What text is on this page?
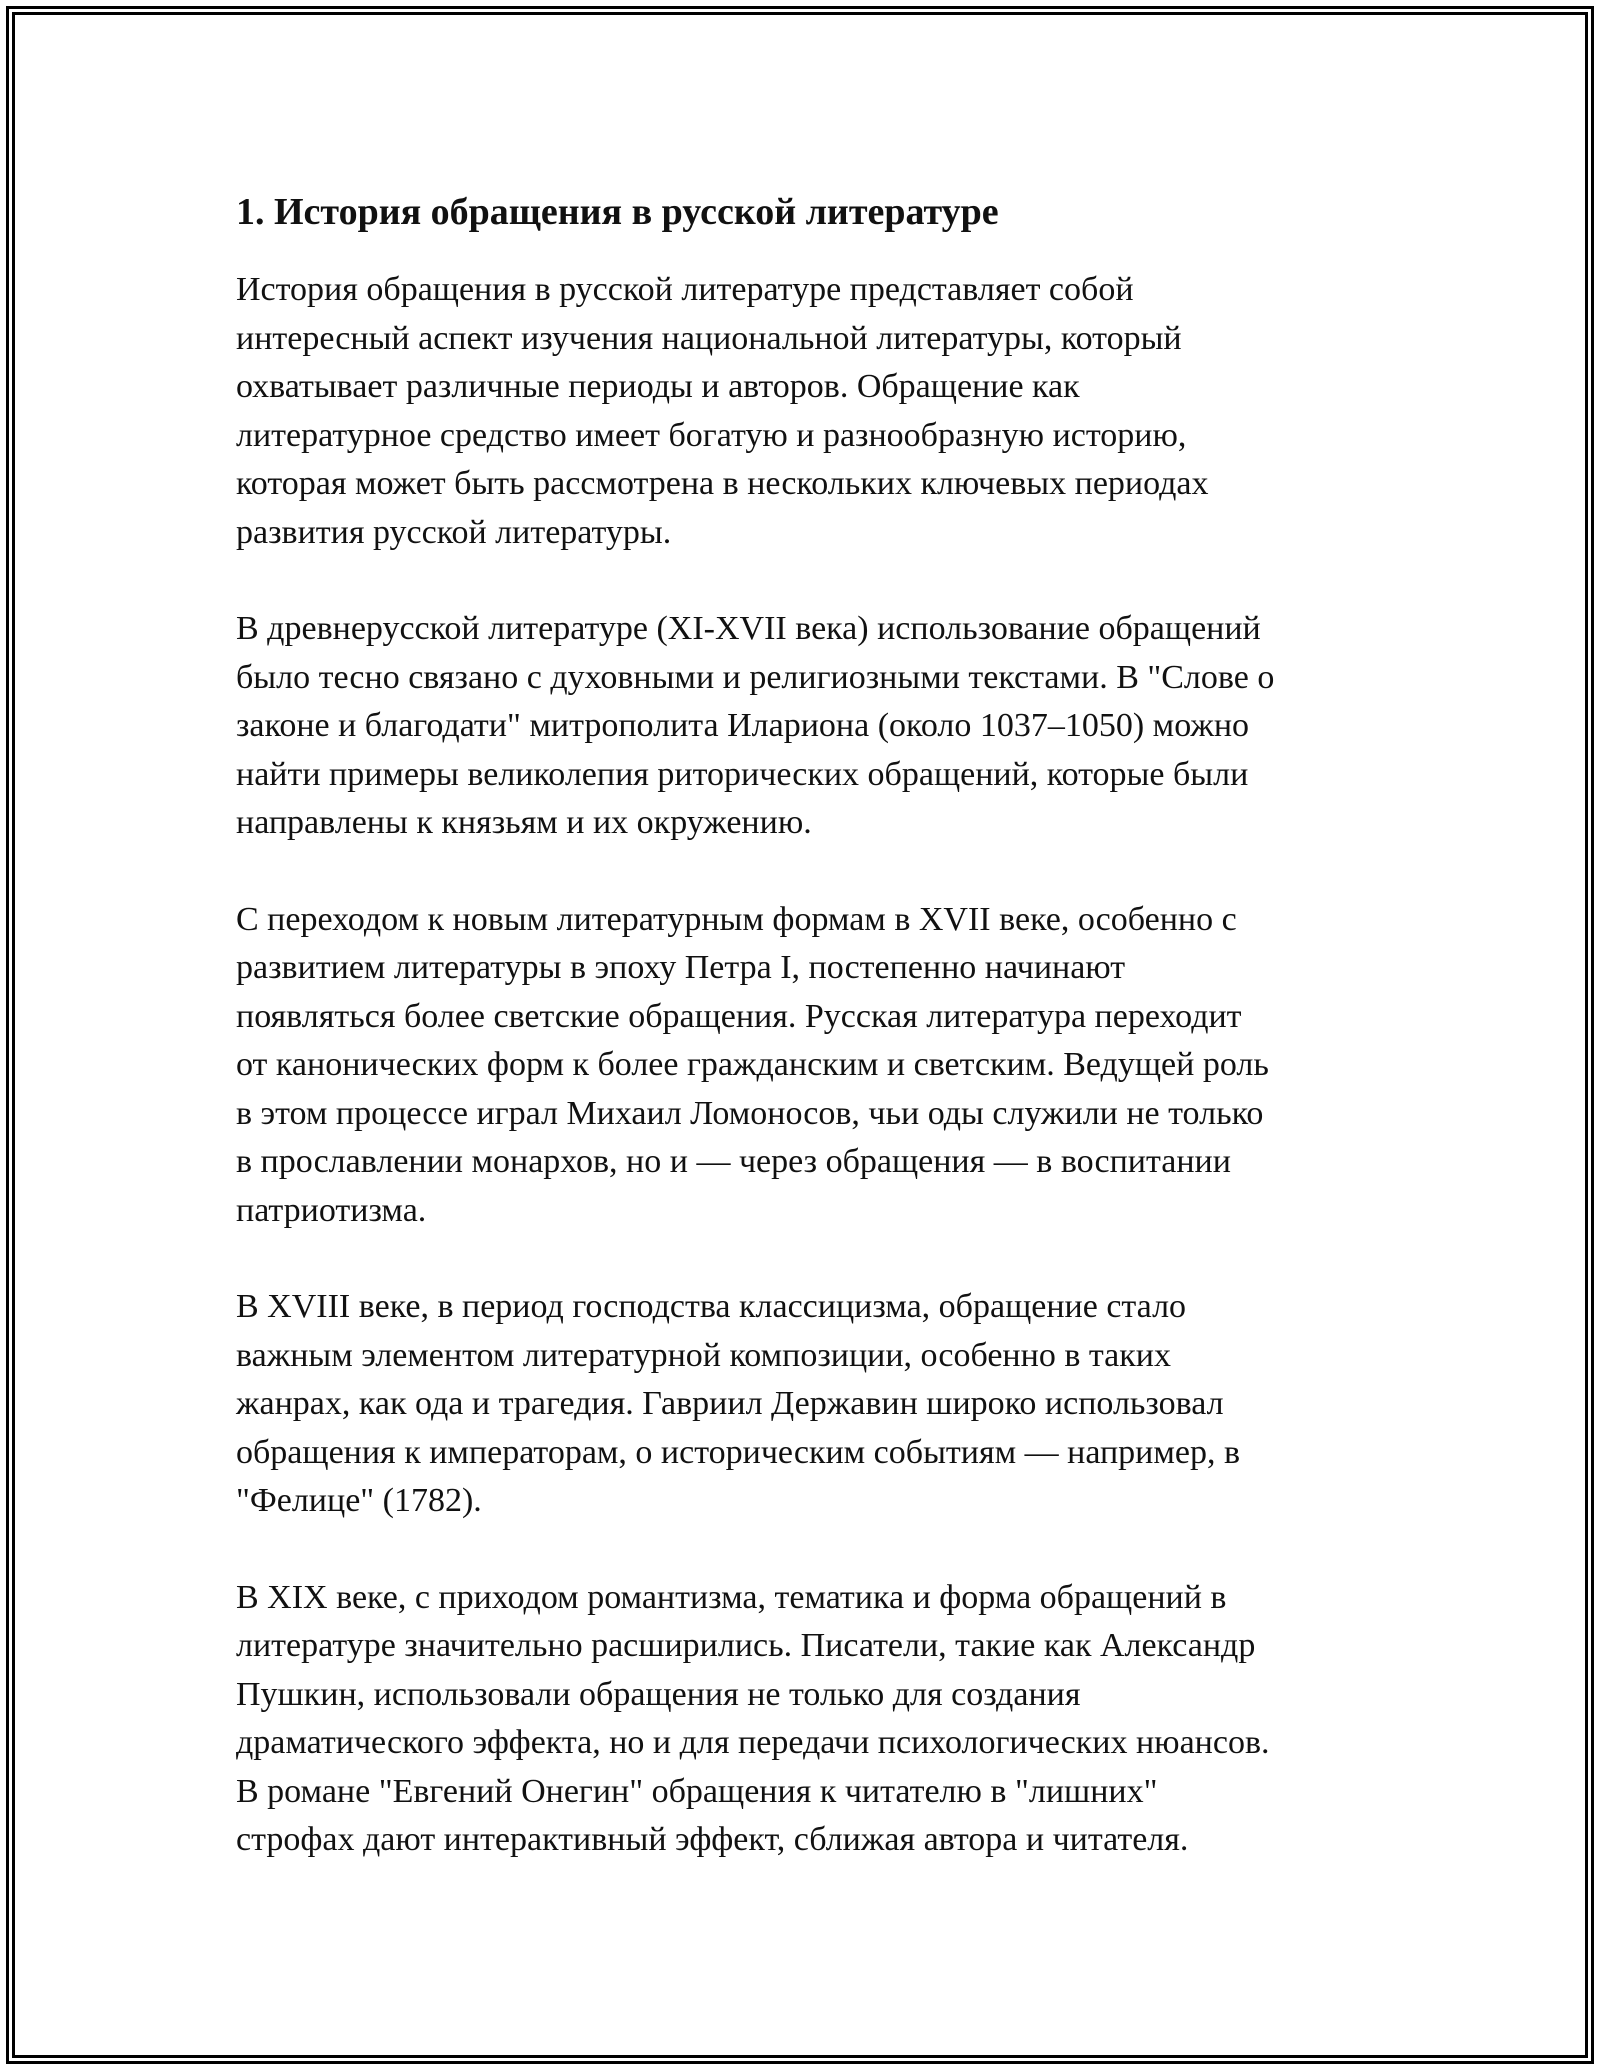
1. История обращения в русской литературе

История обращения в русской литературе представляет собой
интересный аспект изучения национальной литературы, который
охватывает различные периоды и авторов. Обращение как
литературное средство имеет богатую и разнообразную историю,
которая может быть рассмотрена в нескольких ключевых периодах
развития русской литературы.

В древнерусской литературе (XI-XVII века) использование обращений
было тесно связано с духовными и религиозными текстами. В "Слове о
законе и благодати" митрополита Илариона (около 1037–1050) можно
найти примеры великолепия риторических обращений, которые были
направлены к князьям и их окружению.

С переходом к новым литературным формам в XVII веке, особенно с
развитием литературы в эпоху Петра I, постепенно начинают
появляться более светские обращения. Русская литература переходит
от канонических форм к более гражданским и светским. Ведущей роль
в этом процессе играл Михаил Ломоносов, чьи оды служили не только
в прославлении монархов, но и — через обращения — в воспитании
патриотизма.

В XVIII веке, в период господства классицизма, обращение стало
важным элементом литературной композиции, особенно в таких
жанрах, как ода и трагедия. Гавриил Державин широко использовал
обращения к императорам, о историческим событиям — например, в
"Фелице" (1782).

В XIX веке, с приходом романтизма, тематика и форма обращений в
литературе значительно расширились. Писатели, такие как Александр
Пушкин, использовали обращения не только для создания
драматического эффекта, но и для передачи психологических нюансов.
В романе "Евгений Онегин" обращения к читателю в "лишних"
строфах дают интерактивный эффект, сближая автора и читателя.
